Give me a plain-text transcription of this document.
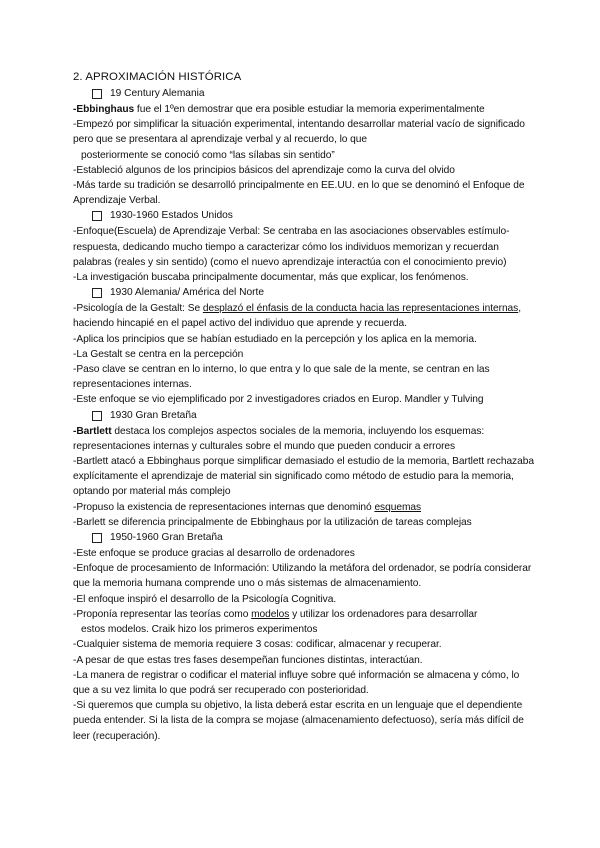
2. APROXIMACIÓN HISTÓRICA
19 Century Alemania

-Ebbinghaus fue el 1ºen demostrar que era posible estudiar la memoria experimentalmente

-Empezó por simplificar la situación experimental, intentando desarrollar material vacío de significado pero que se presentara al aprendizaje verbal y al recuerdo, lo que

posteriormente se conoció como “las sílabas sin sentido”

-Estableció algunos de los principios básicos del aprendizaje como la curva del olvido

-Más tarde su tradición se desarrolló principalmente en EE.UU. en lo que se denominó el Enfoque de Aprendizaje Verbal.

1930-1960 Estados Unidos

-Enfoque(Escuela) de Aprendizaje Verbal: Se centraba en las asociaciones observables estímulo-respuesta, dedicando mucho tiempo a caracterizar cómo los individuos memorizan y recuerdan palabras (reales y sin sentido) (como el nuevo aprendizaje interactúa con el conocimiento previo)

-La investigación buscaba principalmente documentar, más que explicar, los fenómenos.

1930 Alemania/ América del Norte

-Psicología de la Gestalt: Se desplazó el énfasis de la conducta hacia las representaciones internas, haciendo hincapié en el papel activo del individuo que aprende y recuerda.

-Aplica los principios que se habían estudiado en la percepción y los aplica en la memoria.

-La Gestalt se centra en la percepción

-Paso clave se centran en lo interno, lo que entra y lo que sale de la mente, se centran en las representaciones internas.

-Este enfoque se vio ejemplificado por 2 investigadores criados en Europ. Mandler y Tulving

1930 Gran Bretaña

-Bartlett destaca los complejos aspectos sociales de la memoria, incluyendo los esquemas: representaciones internas y culturales sobre el mundo que pueden conducir a errores

-Bartlett atacó a Ebbinghaus porque simplificar demasiado el estudio de la memoria, Bartlett rechazaba explícitamente el aprendizaje de material sin significado como método de estudio para la memoria, optando por material más complejo

-Propuso la existencia de representaciones internas que denominó esquemas

-Barlett se diferencia principalmente de Ebbinghaus por la utilización de tareas complejas

1950-1960 Gran Bretaña

-Este enfoque se produce gracias al desarrollo de ordenadores

-Enfoque de procesamiento de Información: Utilizando la metáfora del ordenador, se podría considerar que la memoria humana comprende uno o más sistemas de almacenamiento.

-El enfoque inspiró el desarrollo de la Psicología Cognitiva.

-Proponía representar las teorías como modelos y utilizar los ordenadores para desarrollar

estos modelos. Craik hizo los primeros experimentos

-Cualquier sistema de memoria requiere 3 cosas: codificar, almacenar y recuperar.

-A pesar de que estas tres fases desempeñan funciones distintas, interactúan.

-La manera de registrar o codificar el material influye sobre qué información se almacena y cómo, lo que a su vez limita lo que podrá ser recuperado con posterioridad.

-Si queremos que cumpla su objetivo, la lista deberá estar escrita en un lenguaje que el dependiente pueda entender. Si la lista de la compra se mojase (almacenamiento defectuoso), sería más difícil de leer (recuperación).
